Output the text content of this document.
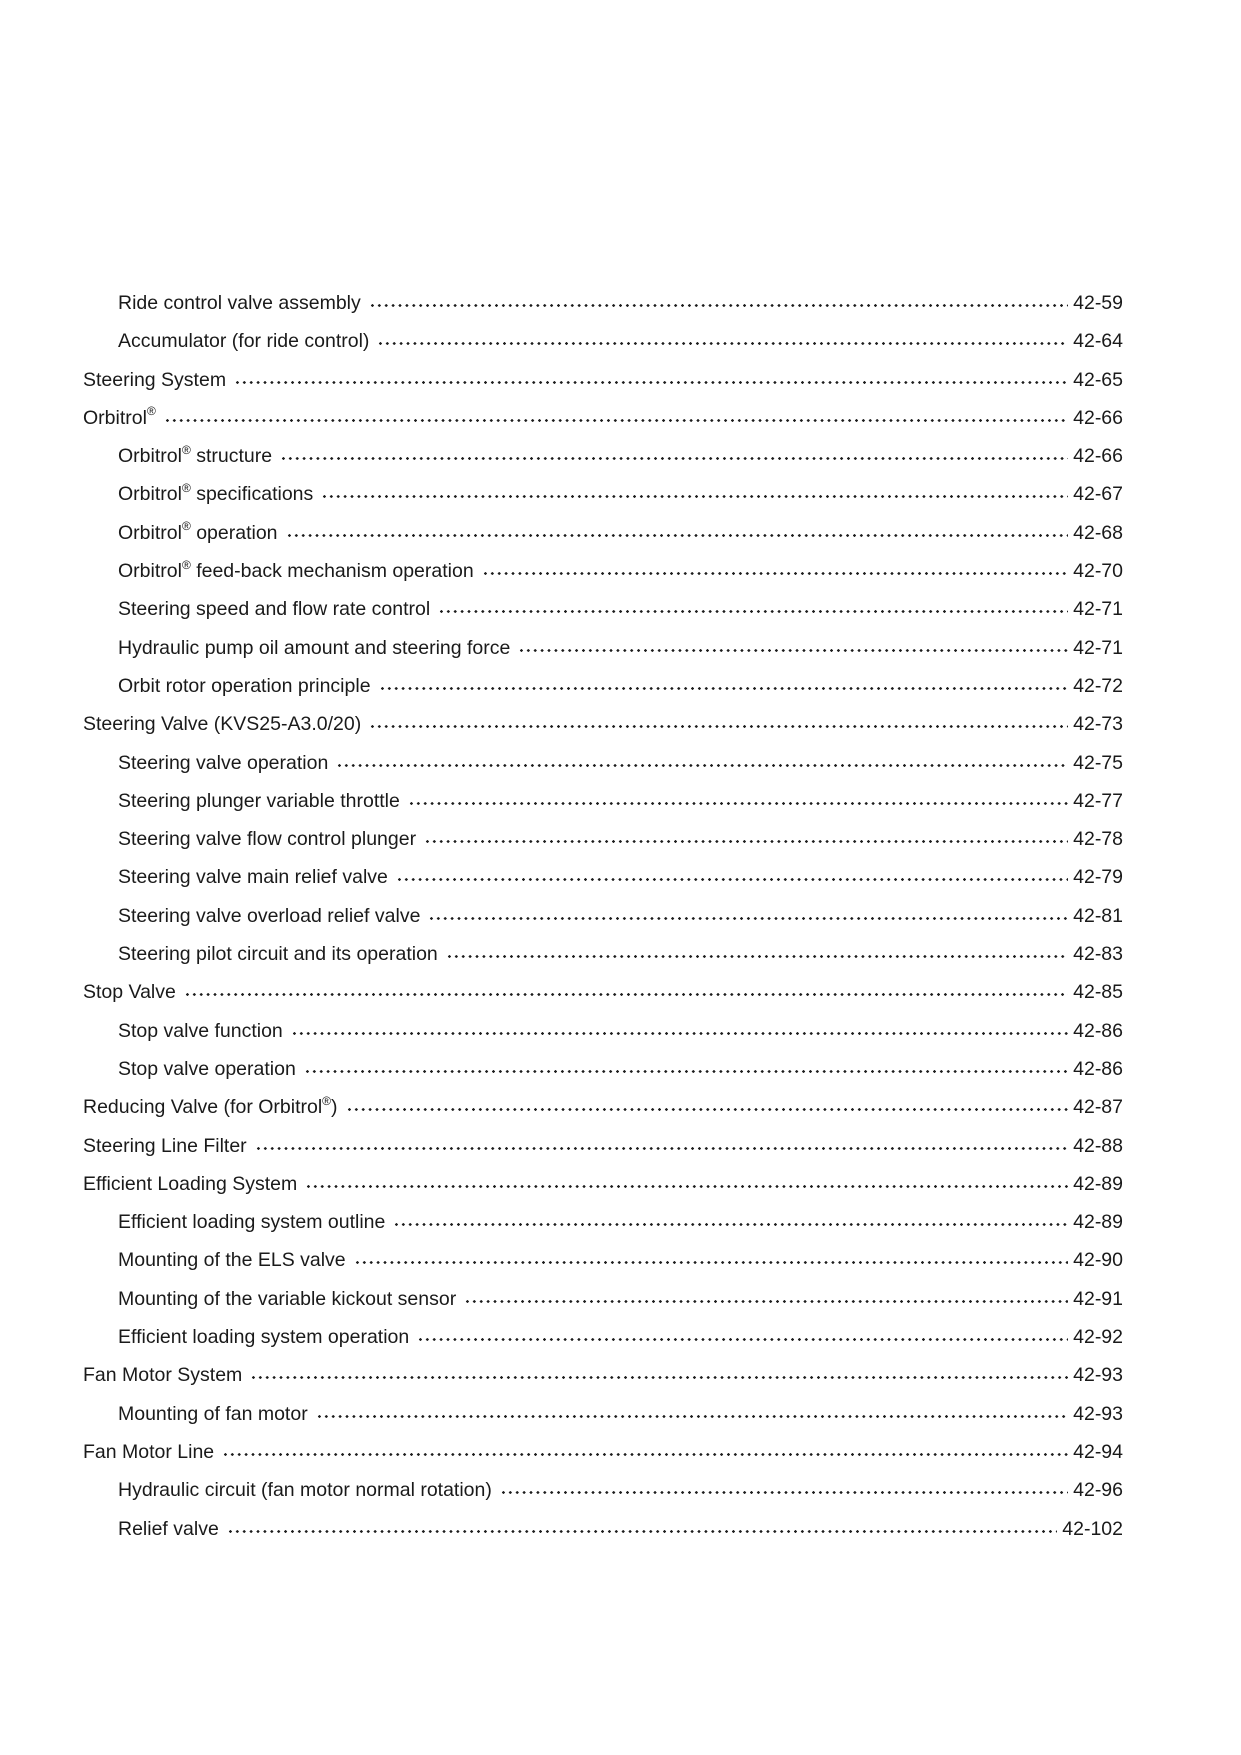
Ride control valve assembly	42-59
Accumulator (for ride control)	42-64
Steering System	42-65
Orbitrol®	42-66
Orbitrol® structure	42-66
Orbitrol® specifications	42-67
Orbitrol® operation	42-68
Orbitrol® feed-back mechanism operation	42-70
Steering speed and flow rate control	42-71
Hydraulic pump oil amount and steering force	42-71
Orbit rotor operation principle	42-72
Steering Valve (KVS25-A3.0/20)	42-73
Steering valve operation	42-75
Steering plunger variable throttle	42-77
Steering valve flow control plunger	42-78
Steering valve main relief valve	42-79
Steering valve overload relief valve	42-81
Steering pilot circuit and its operation	42-83
Stop Valve	42-85
Stop valve function	42-86
Stop valve operation	42-86
Reducing Valve (for Orbitrol®)	42-87
Steering Line Filter	42-88
Efficient Loading System	42-89
Efficient loading system outline	42-89
Mounting of the ELS valve	42-90
Mounting of the variable kickout sensor	42-91
Efficient loading system operation	42-92
Fan Motor System	42-93
Mounting of fan motor	42-93
Fan Motor Line	42-94
Hydraulic circuit (fan motor normal rotation)	42-96
Relief valve	42-102
